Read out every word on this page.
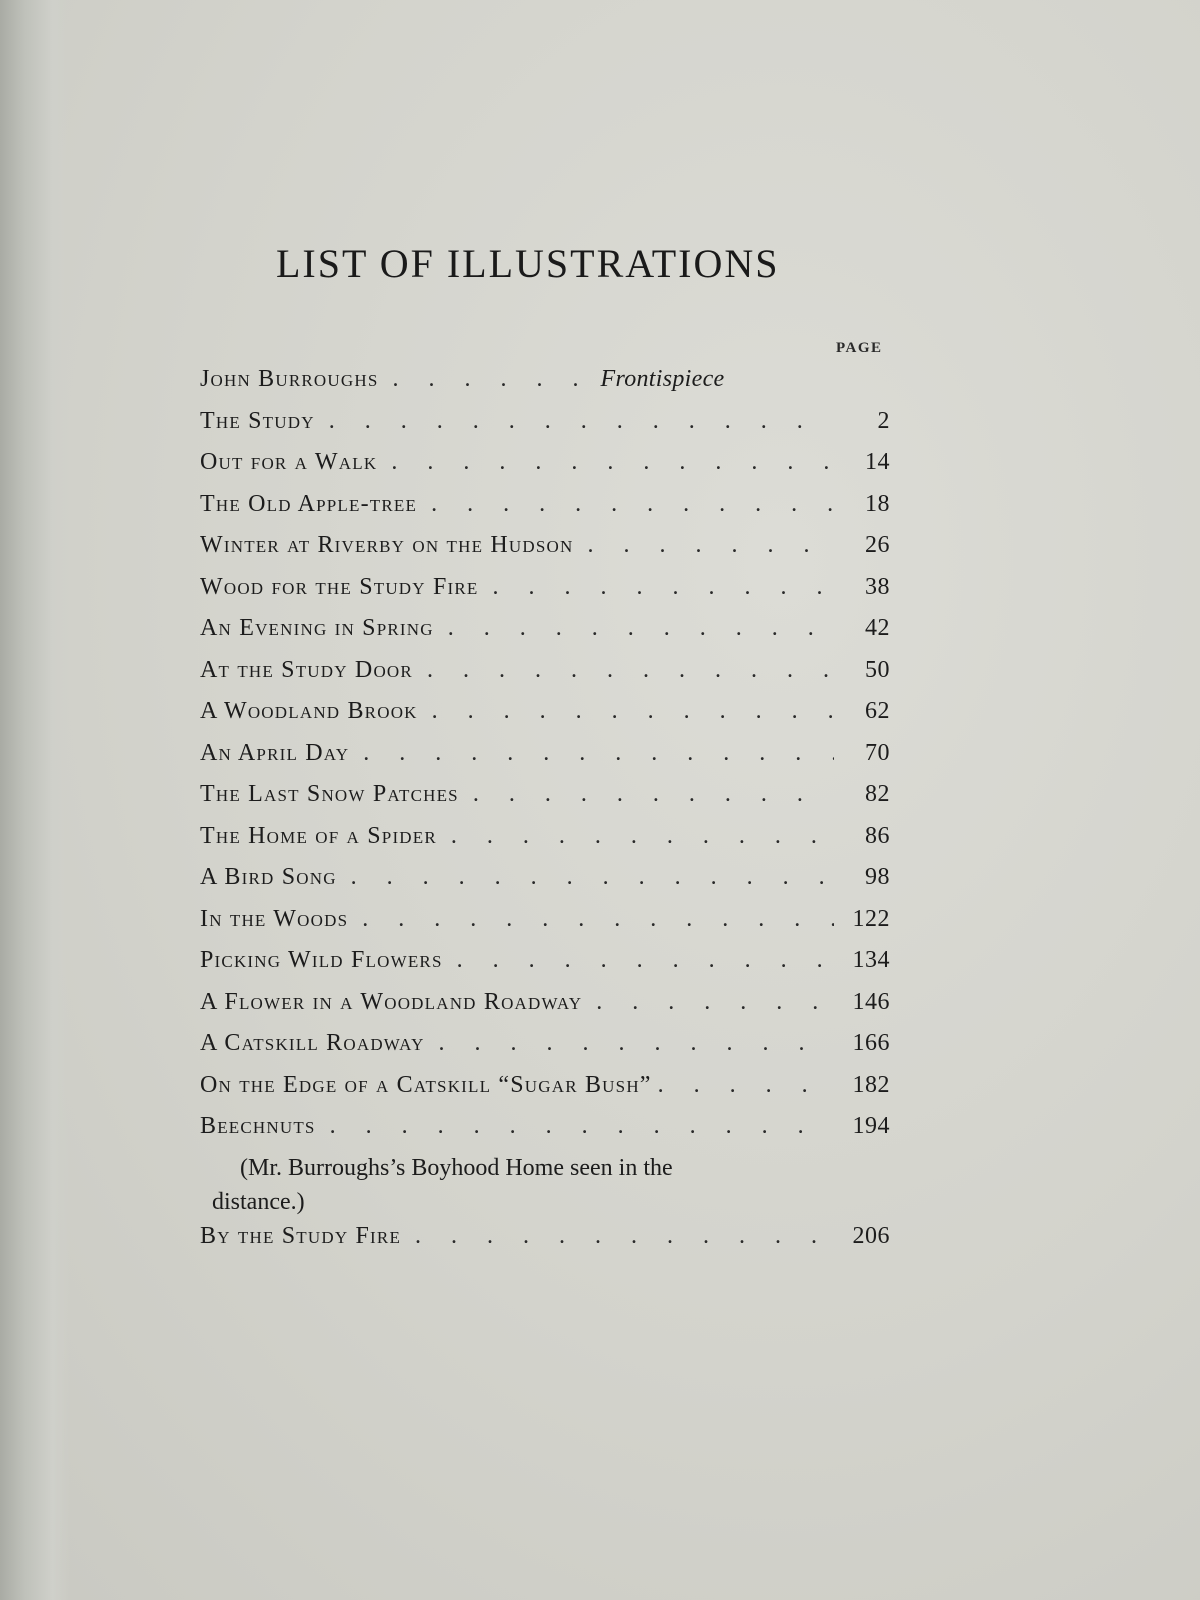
LIST OF ILLUSTRATIONS
PAGE
John Burroughs . . .	Frontispiece
The Study . . .	2
Out for a Walk . . .	14
The Old Apple-tree . . .	18
Winter at Riverby on the Hudson . . .	26
Wood for the Study Fire . . .	38
An Evening in Spring . . .	42
At the Study Door . . .	50
A Woodland Brook . . .	62
An April Day . . .	70
The Last Snow Patches . . .	82
The Home of a Spider . . .	86
A Bird Song . . .	98
In the Woods . . .	122
Picking Wild Flowers . . .	134
A Flower in a Woodland Roadway . . .	146
A Catskill Roadway . . .	166
On the Edge of a Catskill “Sugar Bush” . . .	182
Beechnuts . . .	194
(Mr. Burroughs’s Boyhood Home seen in the
distance.)
By the Study Fire . . .	206
